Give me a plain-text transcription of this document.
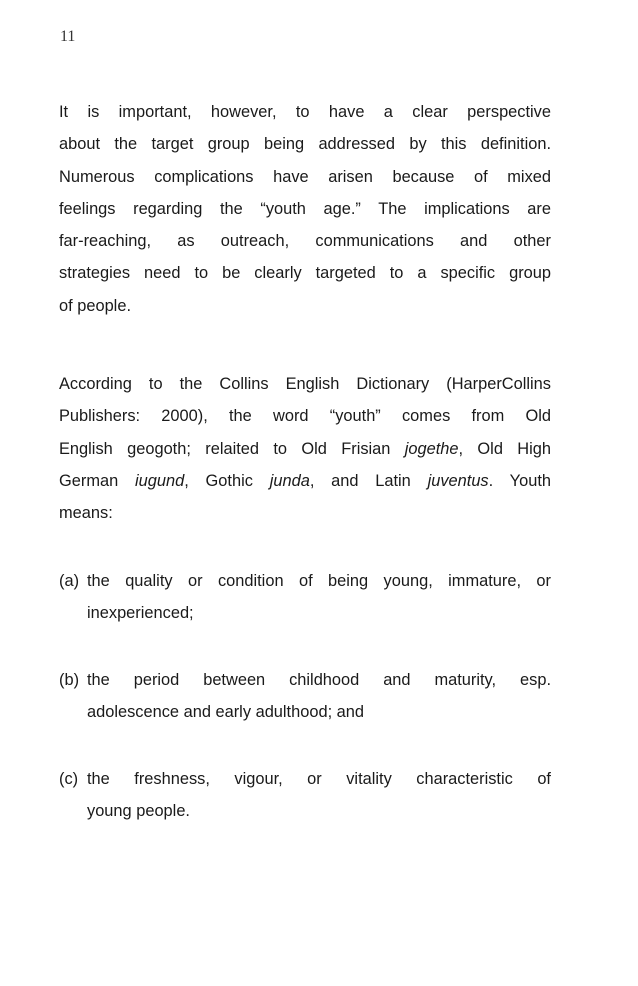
11
It is important, however, to have a clear perspective
about the target group being addressed by this definition.
Numerous complications have arisen because of mixed
feelings regarding the “youth age.” The implications are
far-reaching, as outreach, communications and other
strategies need to be clearly targeted to a specific group
of people.
According to the Collins English Dictionary (HarperCollins
Publishers: 2000), the word “youth” comes from Old
English geogoth; relaited to Old Frisian jogethe, Old High
German iugund, Gothic junda, and Latin juventus. Youth
means:
(a) the quality or condition of being young, immature, or
inexperienced;
(b) the period between childhood and maturity, esp.
adolescence and early adulthood; and
(c) the freshness, vigour, or vitality characteristic of
young people.
